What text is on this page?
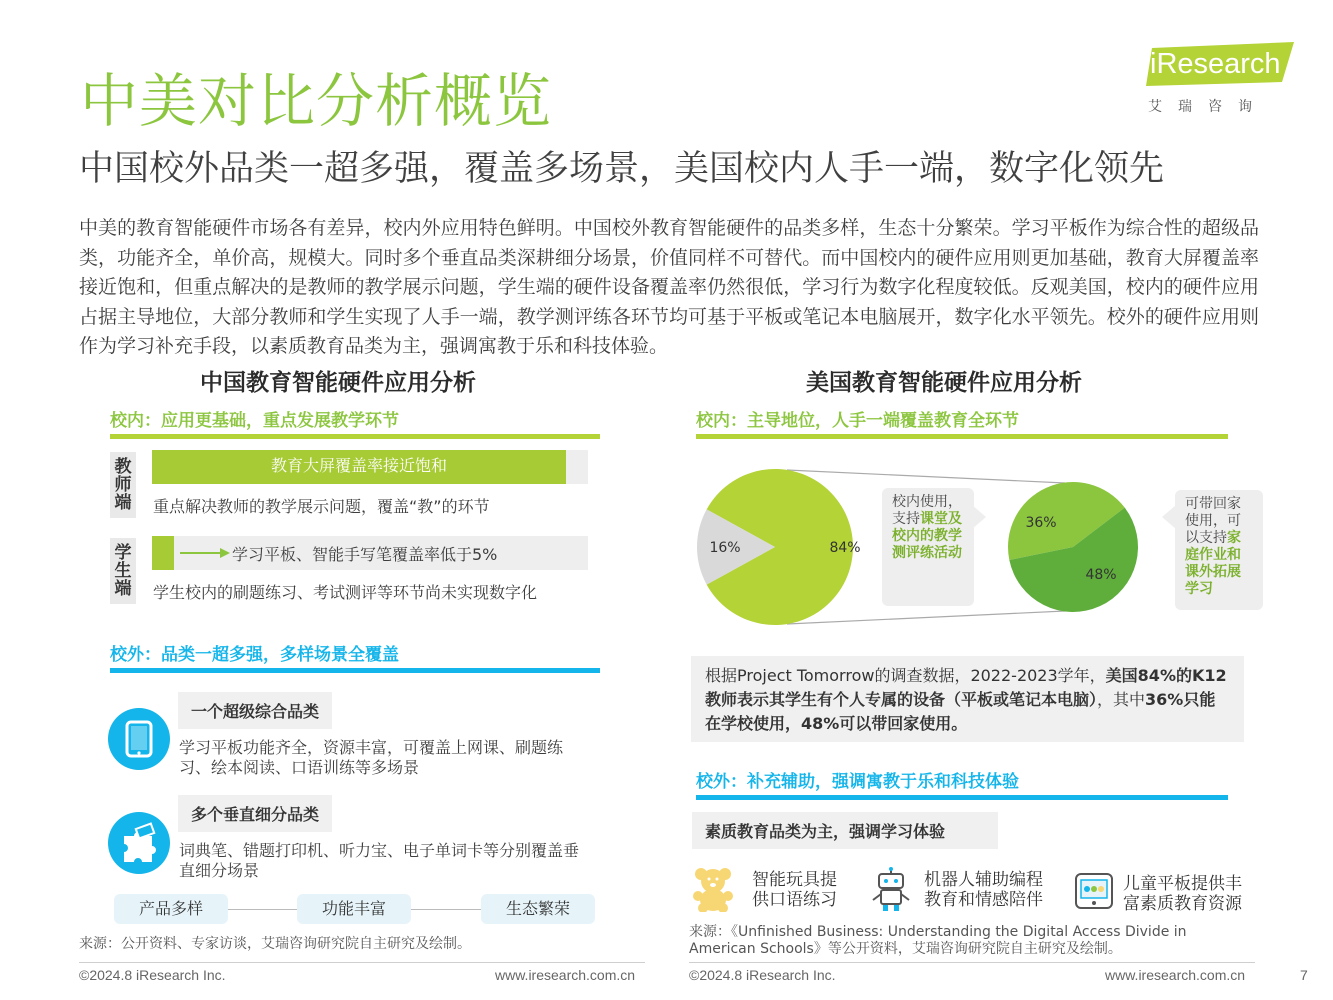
中美对比分析概览
中国校外品类一超多强，覆盖多场景，美国校内人手一端，数字化领先
iResearch
艾瑞咨询
中美的教育智能硬件市场各有差异，校内外应用特色鲜明。中国校外教育智能硬件的品类多样，生态十分繁荣。学习平板作为综合性的超级品类，功能齐全，单价高，规模大。同时多个垂直品类深耕细分场景，价值同样不可替代。而中国校内的硬件应用则更加基础，教育大屏覆盖率接近饱和，但重点解决的是教师的教学展示问题，学生端的硬件设备覆盖率仍然很低，学习行为数字化程度较低。反观美国，校内的硬件应用占据主导地位，大部分教师和学生实现了人手一端，教学测评练各环节均可基于平板或笔记本电脑展开，数字化水平领先。校外的硬件应用则作为学习补充手段，以素质教育品类为主，强调寓教于乐和科技体验。
中国教育智能硬件应用分析
校内：应用更基础，重点发展教学环节
教师端
教育大屏覆盖率接近饱和
重点解决教师的教学展示问题，覆盖“教”的环节
学生端
学习平板、智能手写笔覆盖率低于5%
学生校内的刷题练习、考试测评等环节尚未实现数字化
校外：品类一超多强，多样场景全覆盖
一个超级综合品类
学习平板功能齐全，资源丰富，可覆盖上网课、刷题练习、绘本阅读、口语训练等多场景
多个垂直细分品类
词典笔、错题打印机、听力宝、电子单词卡等分别覆盖垂直细分场景
产品多样	功能丰富	生态繁荣
来源：公开资料、专家访谈，艾瑞咨询研究院自主研究及绘制。
©2024.8 iResearch Inc.	www.iresearch.com.cn
美国教育智能硬件应用分析
校内：主导地位，人手一端覆盖教育全环节
84%
16%
36%
48%
校内使用，支持课堂及校内的教学测评练活动
可带回家使用，可以支持家庭作业和课外拓展学习
根据Project Tomorrow的调查数据，2022-2023学年，美国84%的K12教师表示其学生有个人专属的设备（平板或笔记本电脑），其中36%只能在学校使用，48%可以带回家使用。
校外：补充辅助，强调寓教于乐和科技体验
素质教育品类为主，强调学习体验
智能玩具提供口语练习
机器人辅助编程教育和情感陪伴
儿童平板提供丰富素质教育资源
来源：《Unfinished Business: Understanding the Digital Access Divide in American Schools》等公开资料，艾瑞咨询研究院自主研究及绘制。
©2024.8 iResearch Inc.	www.iresearch.com.cn	7
